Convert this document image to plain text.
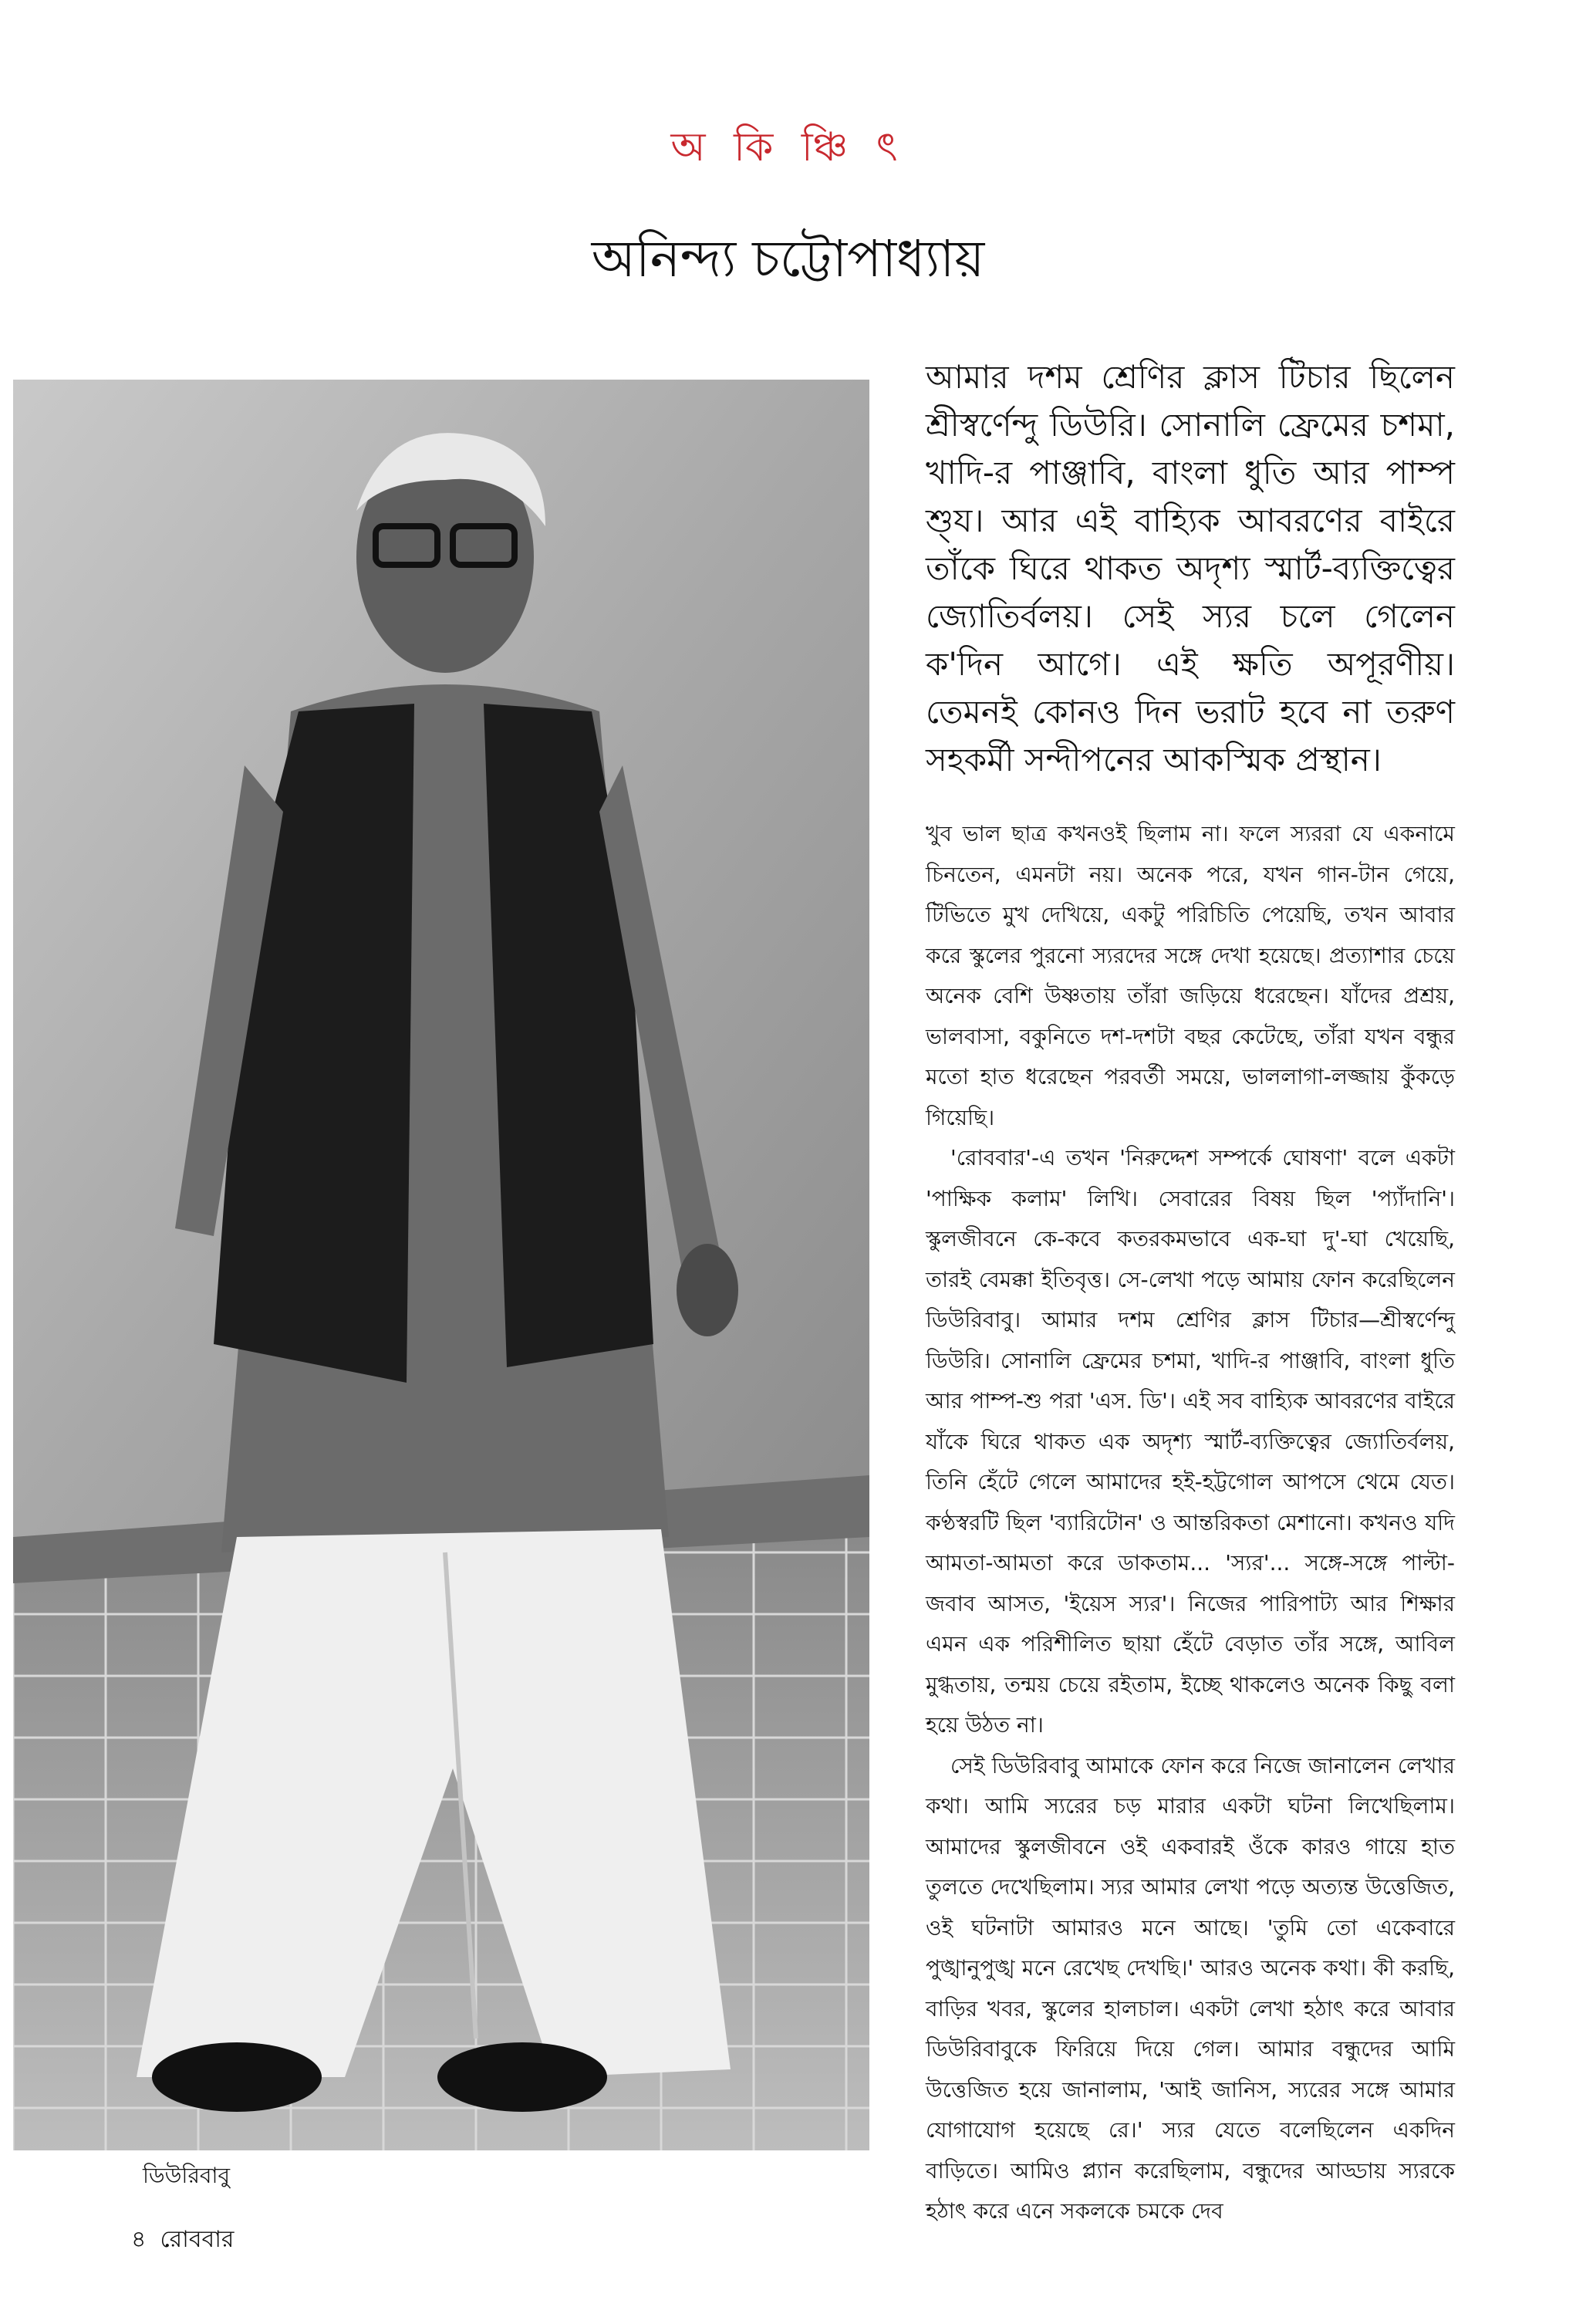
অ কি ঞ্চি ৎ
অনিন্দ্য চট্টোপাধ্যায়
ডিউরিবাবু
৪ রোববার
আমার দশম শ্রেণির ক্লাস টিচার ছিলেন শ্রীস্বর্ণেন্দু ডিউরি। সোনালি ফ্রেমের চশমা, খাদি-র পাঞ্জাবি, বাংলা ধুতি আর পাম্প শু্য। আর এই বাহ্যিক আবরণের বাইরে তাঁকে ঘিরে থাকত অদৃশ্য স্মার্ট-ব্যক্তিত্বের জ্যোতির্বলয়। সেই স্যর চলে গেলেন ক'দিন আগে। এই ক্ষতি অপূরণীয়। তেমনই কোনও দিন ভরাট হবে না তরুণ সহকর্মী সন্দীপনের আকস্মিক প্রস্থান।

খুব ভাল ছাত্র কখনওই ছিলাম না। ফলে স্যররা যে একনামে চিনতেন, এমনটা নয়। অনেক পরে, যখন গান-টান গেয়ে, টিভিতে মুখ দেখিয়ে, একটু পরিচিতি পেয়েছি, তখন আবার করে স্কুলের পুরনো স্যরদের সঙ্গে দেখা হয়েছে। প্রত্যাশার চেয়ে অনেক বেশি উষ্ণতায় তাঁরা জড়িয়ে ধরেছেন। যাঁদের প্রশ্রয়, ভালবাসা, বকুনিতে দশ-দশটা বছর কেটেছে, তাঁরা যখন বন্ধুর মতো হাত ধরেছেন পরবর্তী সময়ে, ভাললাগা-লজ্জায় কুঁকড়ে গিয়েছি।

'রোববার'-এ তখন 'নিরুদ্দেশ সম্পর্কে ঘোষণা' বলে একটা 'পাক্ষিক কলাম' লিখি। সেবারের বিষয় ছিল 'প্যাঁদানি'। স্কুলজীবনে কে-কবে কতরকমভাবে এক-ঘা দু'-ঘা খেয়েছি, তারই বেমক্কা ইতিবৃত্ত। সে-লেখা পড়ে আমায় ফোন করেছিলেন ডিউরিবাবু। আমার দশম শ্রেণির ক্লাস টিচার—শ্রীস্বর্ণেন্দু ডিউরি। সোনালি ফ্রেমের চশমা, খাদি-র পাঞ্জাবি, বাংলা ধুতি আর পাম্প-শু পরা 'এস. ডি'। এই সব বাহ্যিক আবরণের বাইরে যাঁকে ঘিরে থাকত এক অদৃশ্য স্মার্ট-ব্যক্তিত্বের জ্যোতির্বলয়, তিনি হেঁটে গেলে আমাদের হই-হট্টগোল আপসে থেমে যেত। কণ্ঠস্বরটি ছিল 'ব্যারিটোন' ও আন্তরিকতা মেশানো। কখনও যদি আমতা-আমতা করে ডাকতাম... 'স্যর'... সঙ্গে-সঙ্গে পাল্টা-জবাব আসত, 'ইয়েস স্যর'। নিজের পারিপাট্য আর শিক্ষার এমন এক পরিশীলিত ছায়া হেঁটে বেড়াত তাঁর সঙ্গে, আবিল মুগ্ধতায়, তন্ময় চেয়ে রইতাম, ইচ্ছে থাকলেও অনেক কিছু বলা হয়ে উঠত না।

সেই ডিউরিবাবু আমাকে ফোন করে নিজে জানালেন লেখার কথা। আমি স্যরের চড় মারার একটা ঘটনা লিখেছিলাম। আমাদের স্কুলজীবনে ওই একবারই ওঁকে কারও গায়ে হাত তুলতে দেখেছিলাম। স্যর আমার লেখা পড়ে অত্যন্ত উত্তেজিত, ওই ঘটনাটা আমারও মনে আছে। 'তুমি তো একেবারে পুঙ্খানুপুঙ্খ মনে রেখেছ দেখছি।' আরও অনেক কথা। কী করছি, বাড়ির খবর, স্কুলের হালচাল। একটা লেখা হঠাৎ করে আবার ডিউরিবাবুকে ফিরিয়ে দিয়ে গেল। আমার বন্ধুদের আমি উত্তেজিত হয়ে জানালাম, 'আই জানিস, স্যরের সঙ্গে আমার যোগাযোগ হয়েছে রে।' স্যর যেতে বলেছিলেন একদিন বাড়িতে। আমিও প্ল্যান করেছিলাম, বন্ধুদের আড্ডায় স্যরকে হঠাৎ করে এনে সকলকে চমকে দেব
